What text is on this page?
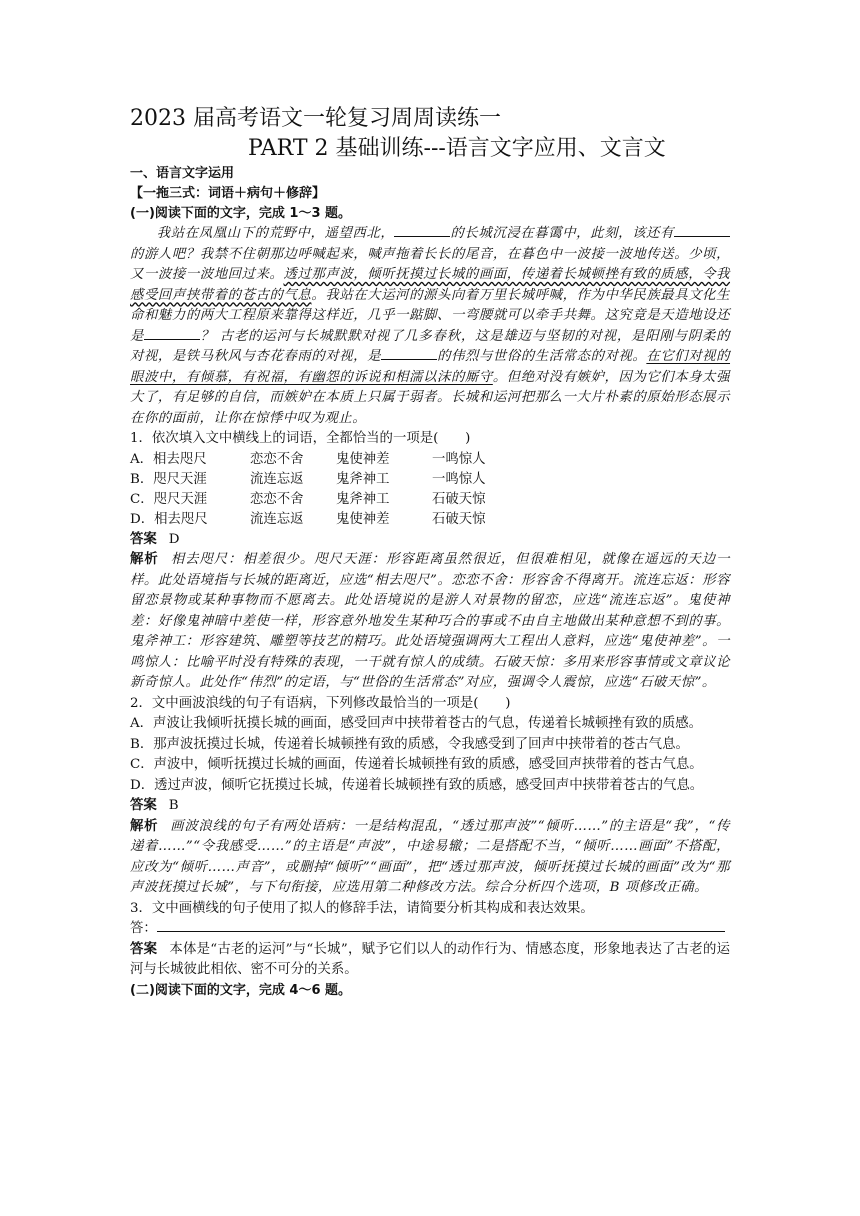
2023 届高考语文一轮复习周周读练一
PART 2 基础训练---语言文字应用、文言文
一、语言文字运用
【一拖三式：词语＋病句＋修辞】
(一)阅读下面的文字，完成 1～3 题。

我站在凤凰山下的荒野中，遥望西北，	的长城沉浸在暮霭中，此刻，该还有的游人吧？我禁不住朝那边呼喊起来，喊声拖着长长的尾音，在暮色中一波接一波地传送。少顷，又一波接一波地回过来。透过那声波，倾听抚摸过长城的画面，传递着长城顿挫有致的质感，令我感受回声挟带着的苍古的气息。我站在大运河的源头向着万里长城呼喊，作为中华民族最具文化生命和魅力的两大工程原来靠得这样近，几乎一踮脚、一弯腰就可以牵手共舞。这究竟是天造地设还是	？ 古老的运河与长城默默对视了几多春秋，这是雄迈与坚韧的对视，是阳刚与阴柔的对视，是铁马秋风与杏花春雨的对视，是	的伟烈与世俗的生活常态的对视。在它们对视的眼波中，有倾慕，有祝福，有幽怨的诉说和相濡以沫的厮守。但绝对没有嫉妒，因为它们本身太强大了，有足够的自信，而嫉妒在本质上只属于弱者。长城和运河把那么一大片朴素的原始形态展示在你的面前，让你在惊悸中叹为观止。

1．依次填入文中横线上的词语，全都恰当的一项是(　　)
A．相去咫尺	恋恋不舍 鬼使神差	一鸣惊人
B．咫尺天涯	流连忘返 鬼斧神工	一鸣惊人
C．咫尺天涯	恋恋不舍 鬼斧神工	石破天惊
D．相去咫尺	流连忘返 鬼使神差	石破天惊
答案 D

解析 相去咫尺：相差很少。咫尺天涯：形容距离虽然很近，但很难相见，就像在遥远的天边一样。此处语境指与长城的距离近，应选“相去咫尺”。恋恋不舍：形容舍不得离开。流连忘返：形容留恋景物或某种事物而不愿离去。此处语境说的是游人对景物的留恋，应选“流连忘返”。鬼使神差：好像鬼神暗中差使一样，形容意外地发生某种巧合的事或不由自主地做出某种意想不到的事。鬼斧神工：形容建筑、雕塑等技艺的精巧。此处语境强调两大工程出人意料，应选“鬼使神差”。一鸣惊人：比喻平时没有特殊的表现，一干就有惊人的成绩。石破天惊：多用来形容事情或文章议论新奇惊人。此处作“伟烈”的定语，与“世俗的生活常态”对应，强调令人震惊，应选“石破天惊”。

2．文中画波浪线的句子有语病，下列修改最恰当的一项是(　　)
A．声波让我倾听抚摸长城的画面，感受回声中挟带着苍古的气息，传递着长城顿挫有致的质感。
B．那声波抚摸过长城，传递着长城顿挫有致的质感，令我感受到了回声中挟带着的苍古气息。
C．声波中，倾听抚摸过长城的画面，传递着长城顿挫有致的质感，感受回声挟带着的苍古气息。
D．透过声波，倾听它抚摸过长城，传递着长城顿挫有致的质感，感受回声中挟带着苍古的气息。
答案 B

解析 画波浪线的句子有两处语病：一是结构混乱，“透过那声波”“倾听……”的主语是“我”，“传递着……”“令我感受……”的主语是“声波”，中途易辙；二是搭配不当，“倾听……画面”不搭配，应改为“倾听……声音”，或删掉“倾听”“画面”，把“透过那声波，倾听抚摸过长城的画面”改为“那声波抚摸过长城”，与下句衔接，应选用第二种修改方法。综合分析四个选项，B 项修改正确。

3．文中画横线的句子使用了拟人的修辞手法，请简要分析其构成和表达效果。
答：

答案 本体是“古老的运河”与“长城”，赋予它们以人的动作行为、情感态度，形象地表达了古老的运河与长城彼此相依、密不可分的关系。

(二)阅读下面的文字，完成 4～6 题。
